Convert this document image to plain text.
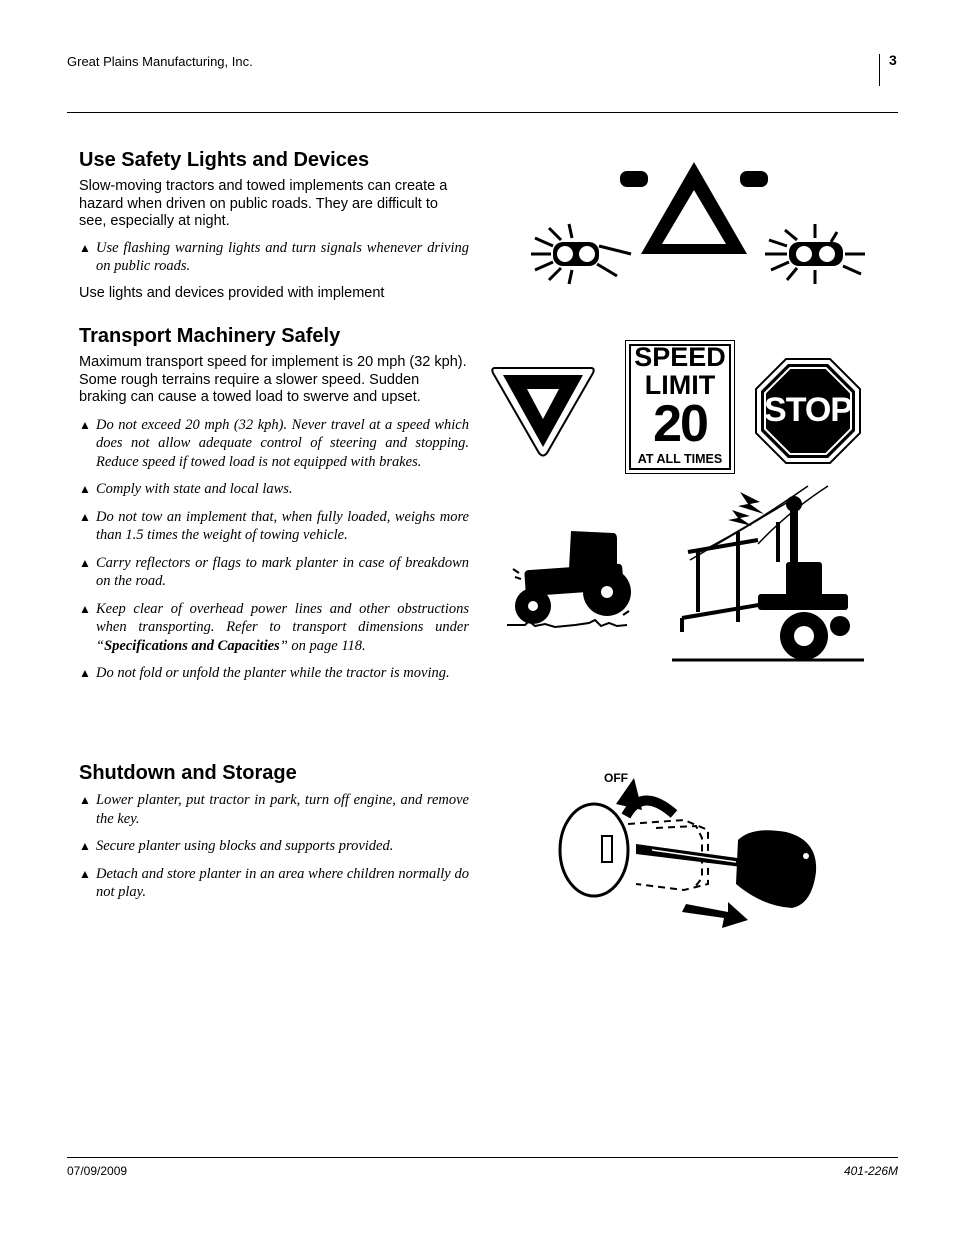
Great Plains Manufacturing, Inc.	3
07/09/2009	401-226M
Use Safety Lights and Devices

Slow-moving tractors and towed implements can create a hazard when driven on public roads. They are difficult to see, especially at night.

▲ Use flashing warning lights and turn signals whenever driving on public roads.

Use lights and devices provided with implement

Transport Machinery Safely

Maximum transport speed for implement is 20 mph (32 kph). Some rough terrains require a slower speed. Sudden braking can cause a towed load to swerve and upset.

▲ Do not exceed 20 mph (32 kph). Never travel at a speed which does not allow adequate control of steering and stopping. Reduce speed if towed load is not equipped with brakes.
▲ Comply with state and local laws.
▲ Do not tow an implement that, when fully loaded, weighs more than 1.5 times the weight of towing vehicle.
▲ Carry reflectors or flags to mark planter in case of breakdown on the road.
▲ Keep clear of overhead power lines and other obstructions when transporting. Refer to transport dimensions under “Specifications and Capacities” on page 118.
▲ Do not fold or unfold the planter while the tractor is moving.
Shutdown and Storage
▲ Lower planter, put tractor in park, turn off engine, and remove the key.
▲ Secure planter using blocks and supports provided.
▲ Detach and store planter in an area where children normally do not play.
SPEED
LIMIT
20
AT ALL TIMES
STOP
OFF
